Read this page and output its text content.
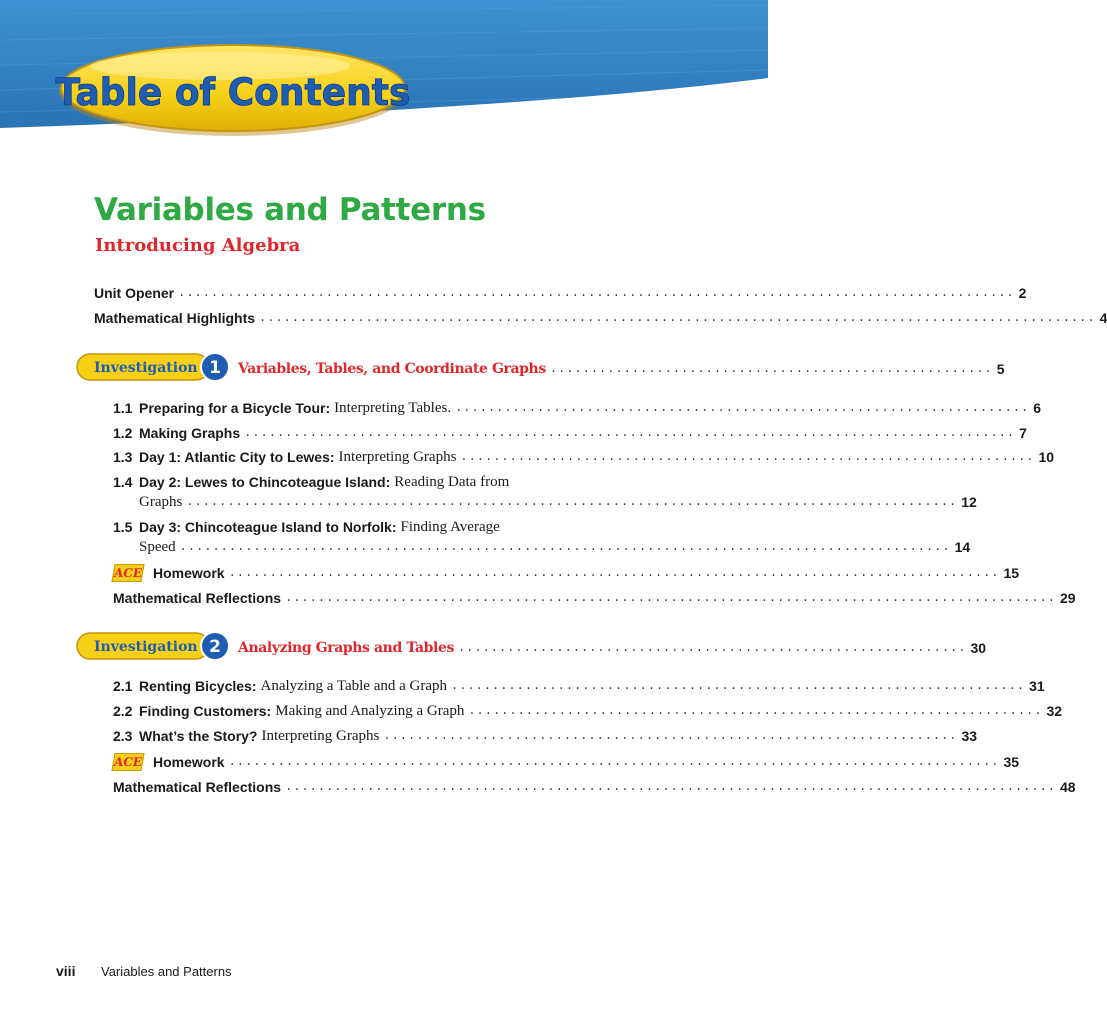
Table of Contents
Variables and Patterns
Introducing Algebra
Unit Opener ...................................................................................................... 2
Mathematical Highlights ...................................................................................................... 4
Investigation 1 Variables, Tables, and Coordinate Graphs ...................................................... 5
1.1 Preparing for a Bicycle Tour: Interpreting Tables. ...................................................................... 6
1.2 Making Graphs .............................................................................................. 7
1.3 Day 1: Atlantic City to Lewes: Interpreting Graphs ...................................................................... 10
1.4 Day 2: Lewes to Chincoteague Island: Reading Data from
Graphs .............................................................................................. 12
1.5 Day 3: Chincoteague Island to Norfolk: Finding Average
Speed .............................................................................................. 14
ACE Homework .............................................................................................. 15
Mathematical Reflections .............................................................................................. 29
Investigation 2 Analyzing Graphs and Tables .............................................................. 30
2.1 Renting Bicycles: Analyzing a Table and a Graph ...................................................................... 31
2.2 Finding Customers: Making and Analyzing a Graph ...................................................................... 32
2.3 What’s the Story? Interpreting Graphs ...................................................................... 33
ACE Homework .............................................................................................. 35
Mathematical Reflections .............................................................................................. 48
viii Variables and Patterns
